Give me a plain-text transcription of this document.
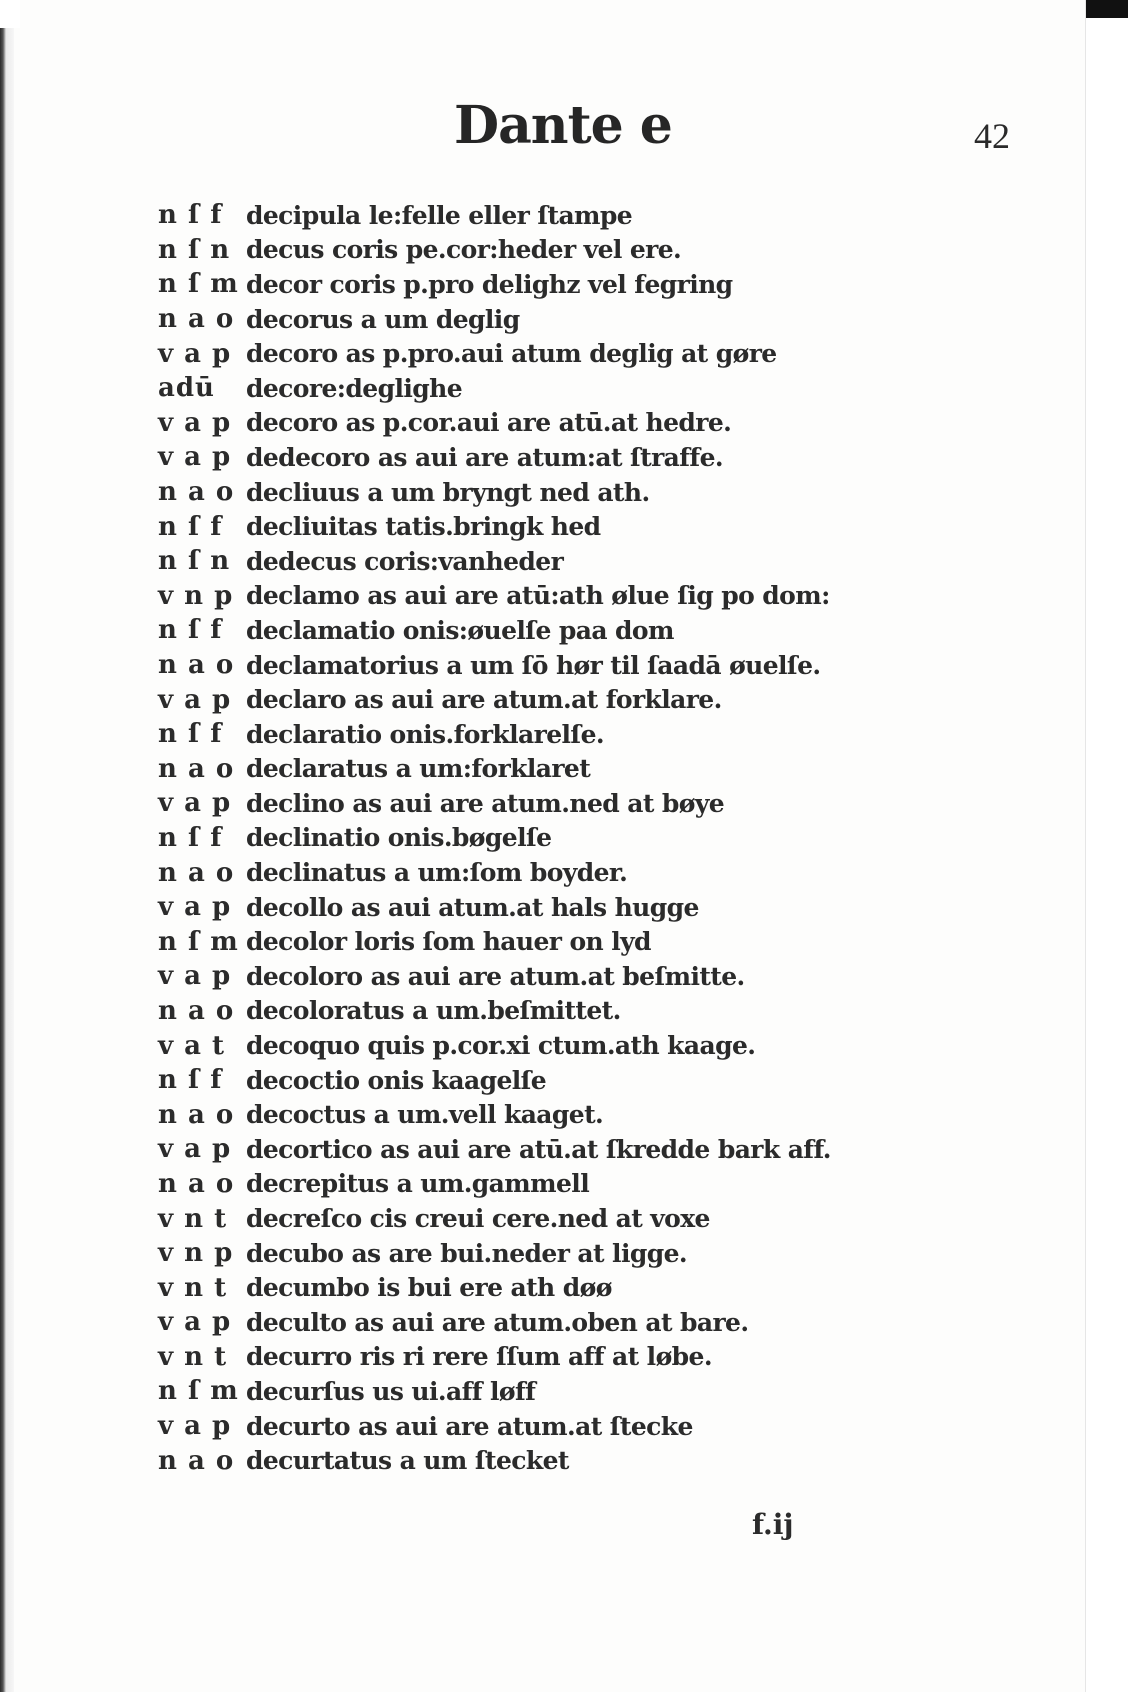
Dante e	42
n ſ f decipula le:felle eller ſtampe
n ſ n decus coris pe.cor:heder vel ere.
n ſ m decor coris p.pro delighz vel fegring
n a o decorus a um deglig
v a p decoro as p.pro.aui atum deglig at gøre
adū	decore:deglighe
v a p decoro as p.cor.aui are atū.at hedre.
v a p dedecoro as aui are atum:at ſtraffe.
n a o decliuus a um bryngt ned ath.
n ſ f decliuitas tatis.bringk hed
n ſ n dedecus coris:vanheder
v n p declamo as aui are atū:ath ølue ſig po dom:
n ſ f declamatio onis:øuelſe paa dom
n a o declamatorius a um ſō hør til ſaadā øuelſe.
v a p declaro as aui are atum.at forklare.
n ſ f declaratio onis.forklarelſe.
n a o declaratus a um:forklaret
v a p declino as aui are atum.ned at bøye
n ſ f declinatio onis.bøgelſe
n a o declinatus a um:ſom boyder.
v a p decollo as aui atum.at hals hugge
n ſ m decolor loris ſom hauer on lyd
v a p decoloro as aui are atum.at beſmitte.
n a o decoloratus a um.beſmittet.
v a t decoquo quis p.cor.xi ctum.ath kaage.
n ſ f decoctio onis kaagelſe
n a o decoctus a um.vell kaaget.
v a p decortico as aui are atū.at ſkredde bark aff.
n a o decrepitus a um.gammell
v n t decreſco cis creui cere.ned at voxe
v n p decubo as are bui.neder at ligge.
v n t decumbo is bui ere ath døø
v a p deculto as aui are atum.oben at bare.
v n t decurro ris ri rere ſſum aff at løbe.
n ſ m decurſus us ui.aff løff
v a p decurto as aui are atum.at ſtecke
n a o decurtatus a um ſtecket
f.ij
